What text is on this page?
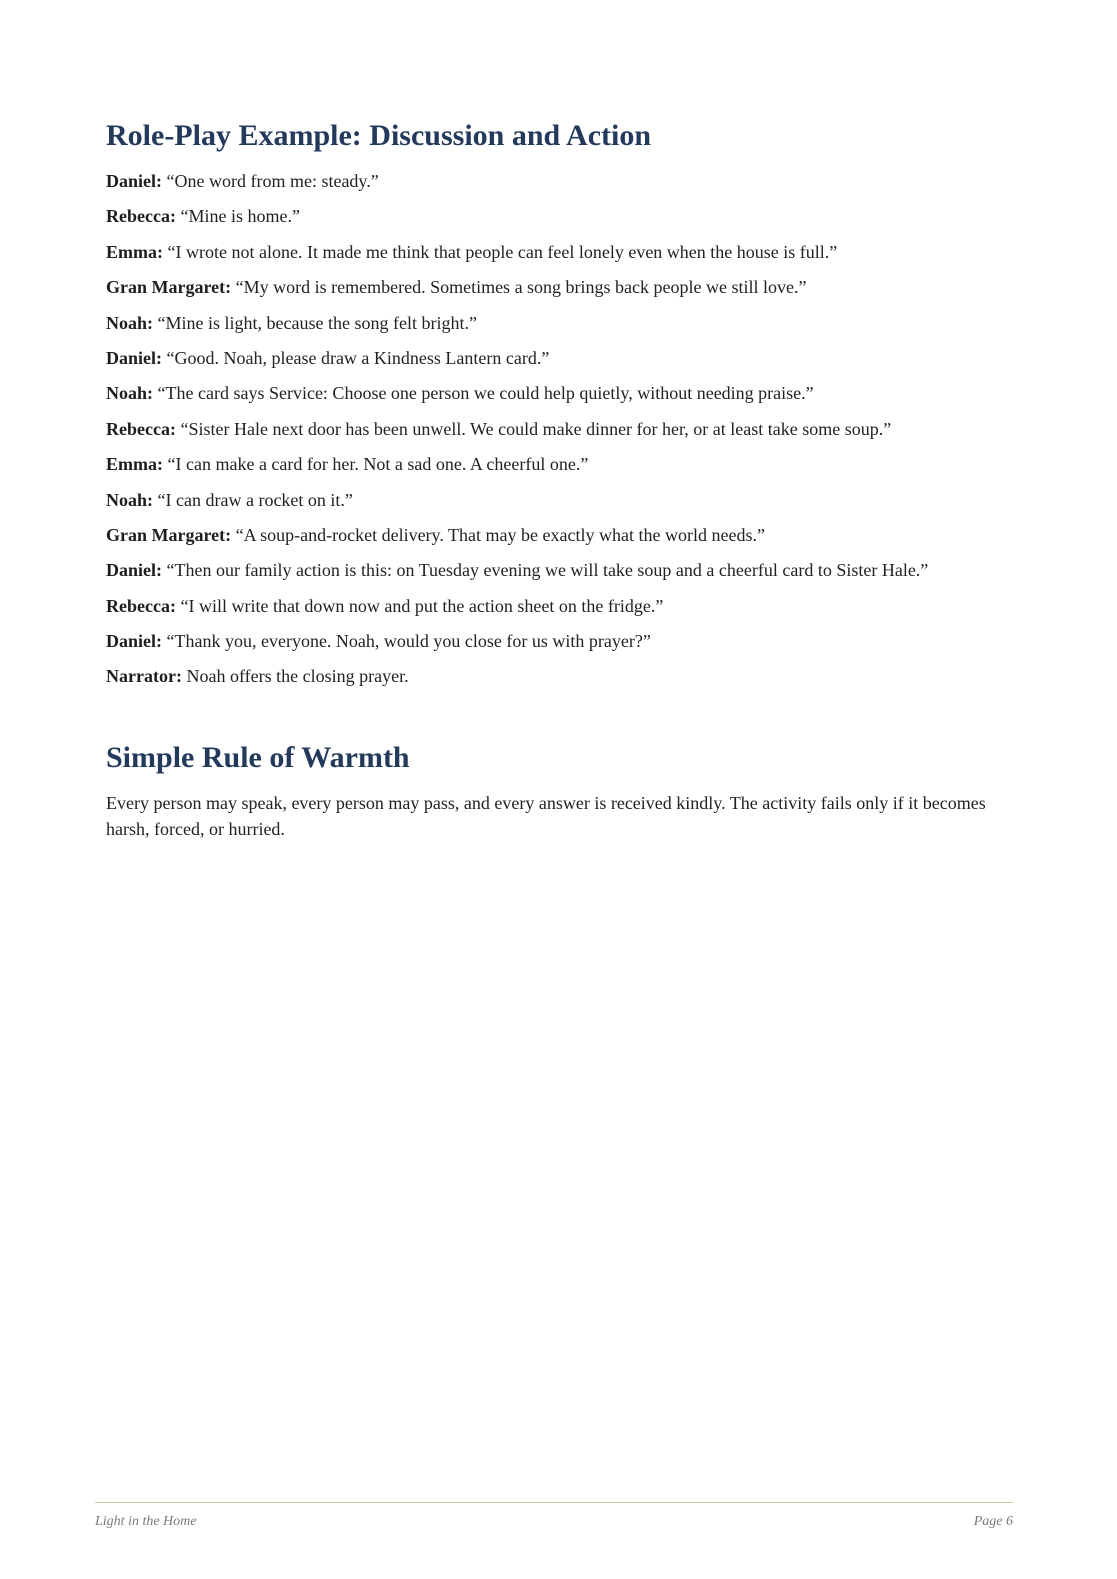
Role-Play Example: Discussion and Action

Daniel: “One word from me: steady.”

Rebecca: “Mine is home.”

Emma: “I wrote not alone. It made me think that people can feel lonely even when the house is full.”

Gran Margaret: “My word is remembered. Sometimes a song brings back people we still love.”

Noah: “Mine is light, because the song felt bright.”

Daniel: “Good. Noah, please draw a Kindness Lantern card.”

Noah: “The card says Service: Choose one person we could help quietly, without needing praise.”

Rebecca: “Sister Hale next door has been unwell. We could make dinner for her, or at least take some soup.”

Emma: “I can make a card for her. Not a sad one. A cheerful one.”

Noah: “I can draw a rocket on it.”

Gran Margaret: “A soup-and-rocket delivery. That may be exactly what the world needs.”

Daniel: “Then our family action is this: on Tuesday evening we will take soup and a cheerful card to Sister Hale.”

Rebecca: “I will write that down now and put the action sheet on the fridge.”

Daniel: “Thank you, everyone. Noah, would you close for us with prayer?”

Narrator: Noah offers the closing prayer.

Simple Rule of Warmth

Every person may speak, every person may pass, and every answer is received kindly. The activity fails only if it becomes harsh, forced, or hurried.

Light in the Home	Page 6
